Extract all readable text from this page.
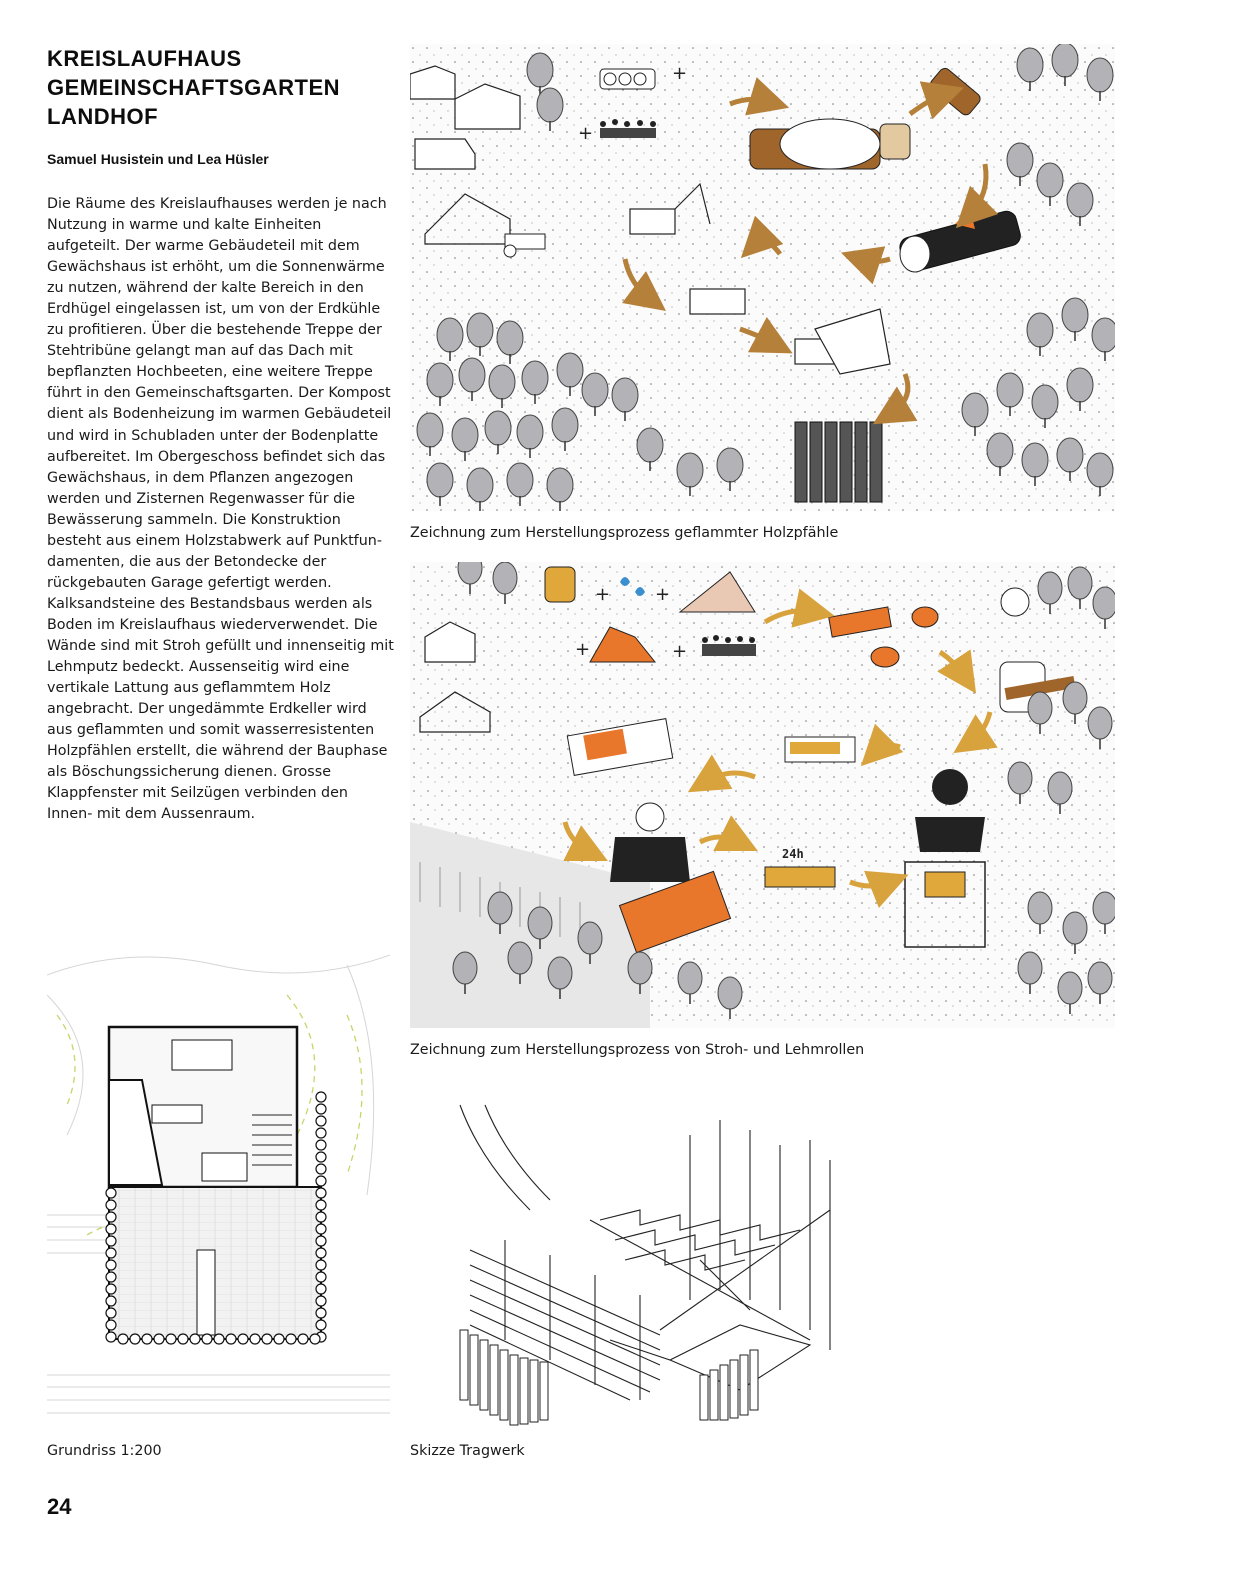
KREISLAUFHAUS
GEMEINSCHAFTSGARTEN
LANDHOF
Samuel Husistein und Lea Hüsler
Die Räume des Kreislaufhauses werden je nach
Nutzung in warme und kalte Einheiten
aufgeteilt. Der warme Gebäudeteil mit dem
Gewächshaus ist erhöht, um die Sonnenwärme
zu nutzen, während der kalte Bereich in den
Erdhügel eingelassen ist, um von der Erdkühle
zu profitieren. Über die bestehende Treppe der
Stehtribüne gelangt man auf das Dach mit
bepflanzten Hochbeeten, eine weitere Treppe
führt in den Gemeinschaftsgarten. Der Kompost
dient als Bodenheizung im warmen Gebäudeteil
und wird in Schubladen unter der Bodenplatte
aufbereitet. Im Obergeschoss befindet sich das
Gewächshaus, in dem Pflanzen angezogen
werden und Zisternen Regenwasser für die
Bewässerung sammeln. Die Konstruktion
besteht aus einem Holzstabwerk auf Punktfun-
damenten, die aus der Betondecke der
rückgebauten Garage gefertigt werden.
Kalksandsteine des Bestandsbaus werden als
Boden im Kreislaufhaus wiederverwendet. Die
Wände sind mit Stroh gefüllt und innenseitig mit
Lehmputz bedeckt. Aussenseitig wird eine
vertikale Lattung aus geflammtem Holz
angebracht. Der ungedämmte Erdkeller wird
aus geflammten und somit wasserresistenten
Holzpfählen erstellt, die während der Bauphase
als Böschungssicherung dienen. Grosse
Klappfenster mit Seilzügen verbinden den
Innen- mit dem Aussenraum.
+
+
Zeichnung zum Herstellungsprozess geflammter Holzpfähle
+ +
+	+
24h
Zeichnung zum Herstellungsprozess von Stroh- und Lehmrollen
Grundriss 1:200	Skizze Tragwerk
24
